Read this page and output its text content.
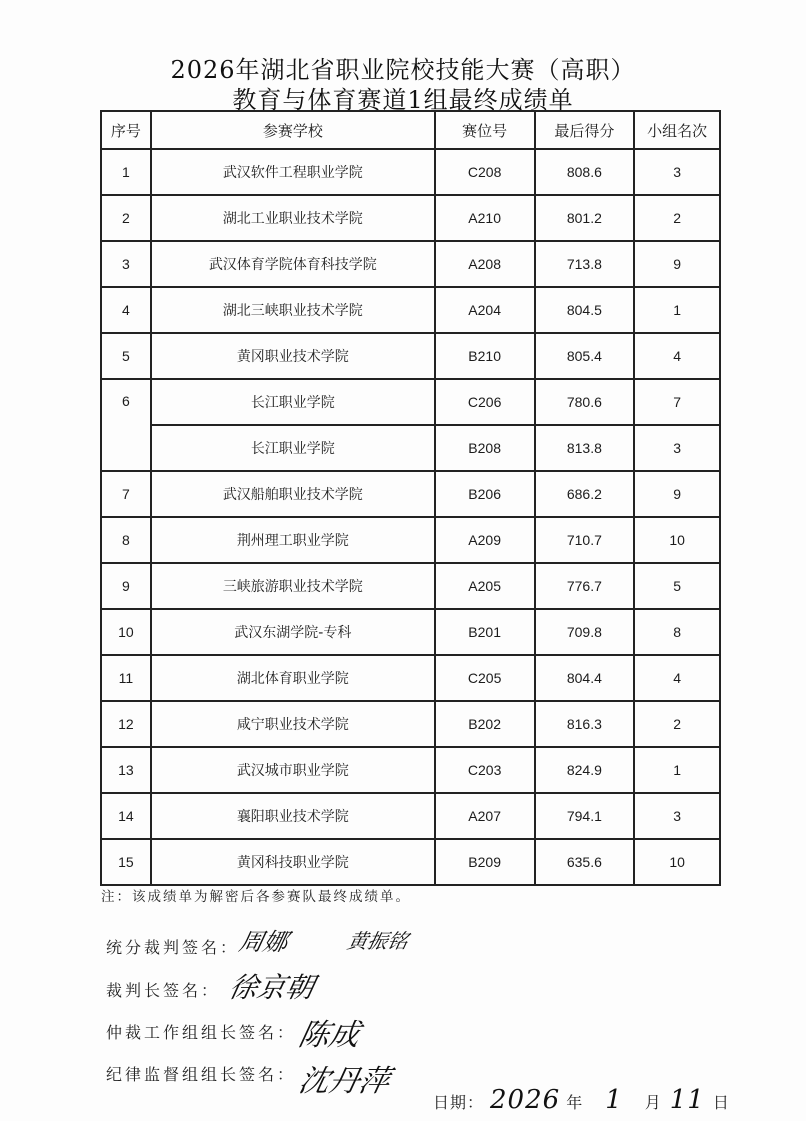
2026年湖北省职业院校技能大赛（高职）
教育与体育赛道1组最终成绩单
序号	参赛学校	赛位号	最后得分	小组名次
1	武汉软件工程职业学院	C208	808.6	3
2	湖北工业职业技术学院	A210	801.2	2
3	武汉体育学院体育科技学院	A208	713.8	9
4	湖北三峡职业技术学院	A204	804.5	1
5	黄冈职业技术学院	B210	805.4	4
6	长江职业学院	C206	780.6	7
	长江职业学院	B208	813.8	3
7	武汉船舶职业技术学院	B206	686.2	9
8	荆州理工职业学院	A209	710.7	10
9	三峡旅游职业技术学院	A205	776.7	5
10	武汉东湖学院-专科	B201	709.8	8
11	湖北体育职业学院	C205	804.4	4
12	咸宁职业技术学院	B202	816.3	2
13	武汉城市职业学院	C203	824.9	1
14	襄阳职业技术学院	A207	794.1	3
15	黄冈科技职业学院	B209	635.6	10
注：该成绩单为解密后各参赛队最终成绩单。
统分裁判签名：
周娜	黄振铭
裁判长签名： 徐京朝
仲裁工作组组长签名： 陈成
纪律监督组组长签名： 沈丹萍
日期： 2026 年 1 月 11 日
